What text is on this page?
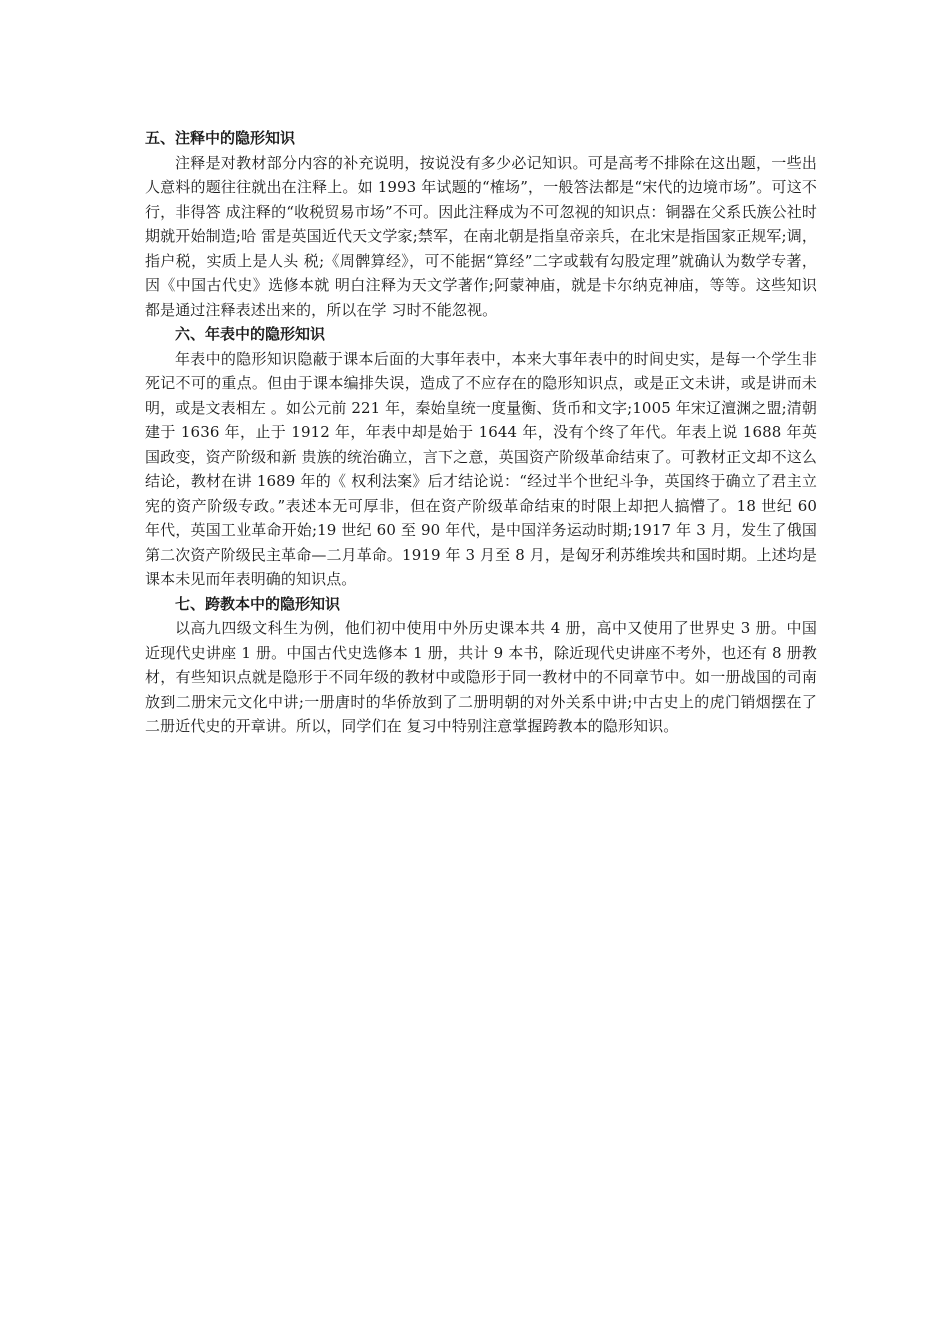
五、注释中的隐形知识

注释是对教材部分内容的补充说明，按说没有多少必记知识。可是高考不排除在这出题，一些出人意料的题往往就出在注释上。如 1993 年试题的“榷场”，一般答法都是“宋代的边境市场”。可这不行，非得答 成注释的“收税贸易市场”不可。因此注释成为不可忽视的知识点：铜器在父系氏族公社时期就开始制造;哈 雷是英国近代天文学家;禁军，在南北朝是指皇帝亲兵，在北宋是指国家正规军;调，指户税，实质上是人头 税;《周髀算经》，可不能据“算经”二字或载有勾股定理”就确认为数学专著，因《中国古代史》选修本就 明白注释为天文学著作;阿蒙神庙，就是卡尔纳克神庙，等等。这些知识都是通过注释表述出来的，所以在学 习时不能忽视。

六、年表中的隐形知识

年表中的隐形知识隐蔽于课本后面的大事年表中，本来大事年表中的时间史实，是每一个学生非死记不可的重点。但由于课本编排失误，造成了不应存在的隐形知识点，或是正文未讲，或是讲而未明，或是文表相左 。如公元前 221 年，秦始皇统一度量衡、货币和文字;1005 年宋辽澶渊之盟;清朝建于 1636 年，止于 1912 年，年表中却是始于 1644 年，没有个终了年代。年表上说 1688 年英国政变，资产阶级和新 贵族的统治确立，言下之意，英国资产阶级革命结束了。可教材正文却不这么结论，教材在讲 1689 年的《 权利法案》后才结论说：“经过半个世纪斗争，英国终于确立了君主立宪的资产阶级专政。”表述本无可厚非，但在资产阶级革命结束的时限上却把人搞懵了。18 世纪 60 年代，英国工业革命开始;19 世纪 60 至 90 年代，是中国洋务运动时期;1917 年 3 月，发生了俄国第二次资产阶级民主革命—二月革命。1919 年 3 月至 8 月，是匈牙利苏维埃共和国时期。上述均是课本未见而年表明确的知识点。

七、跨教本中的隐形知识

以高九四级文科生为例，他们初中使用中外历史课本共 4 册，高中又使用了世界史 3 册。中国近现代史讲座 1 册。中国古代史选修本 1 册，共计 9 本书，除近现代史讲座不考外，也还有 8 册教材，有些知识点就是隐形于不同年级的教材中或隐形于同一教材中的不同章节中。如一册战国的司南放到二册宋元文化中讲;一册唐时的华侨放到了二册明朝的对外关系中讲;中古史上的虎门销烟摆在了二册近代史的开章讲。所以，同学们在 复习中特别注意掌握跨教本的隐形知识。
